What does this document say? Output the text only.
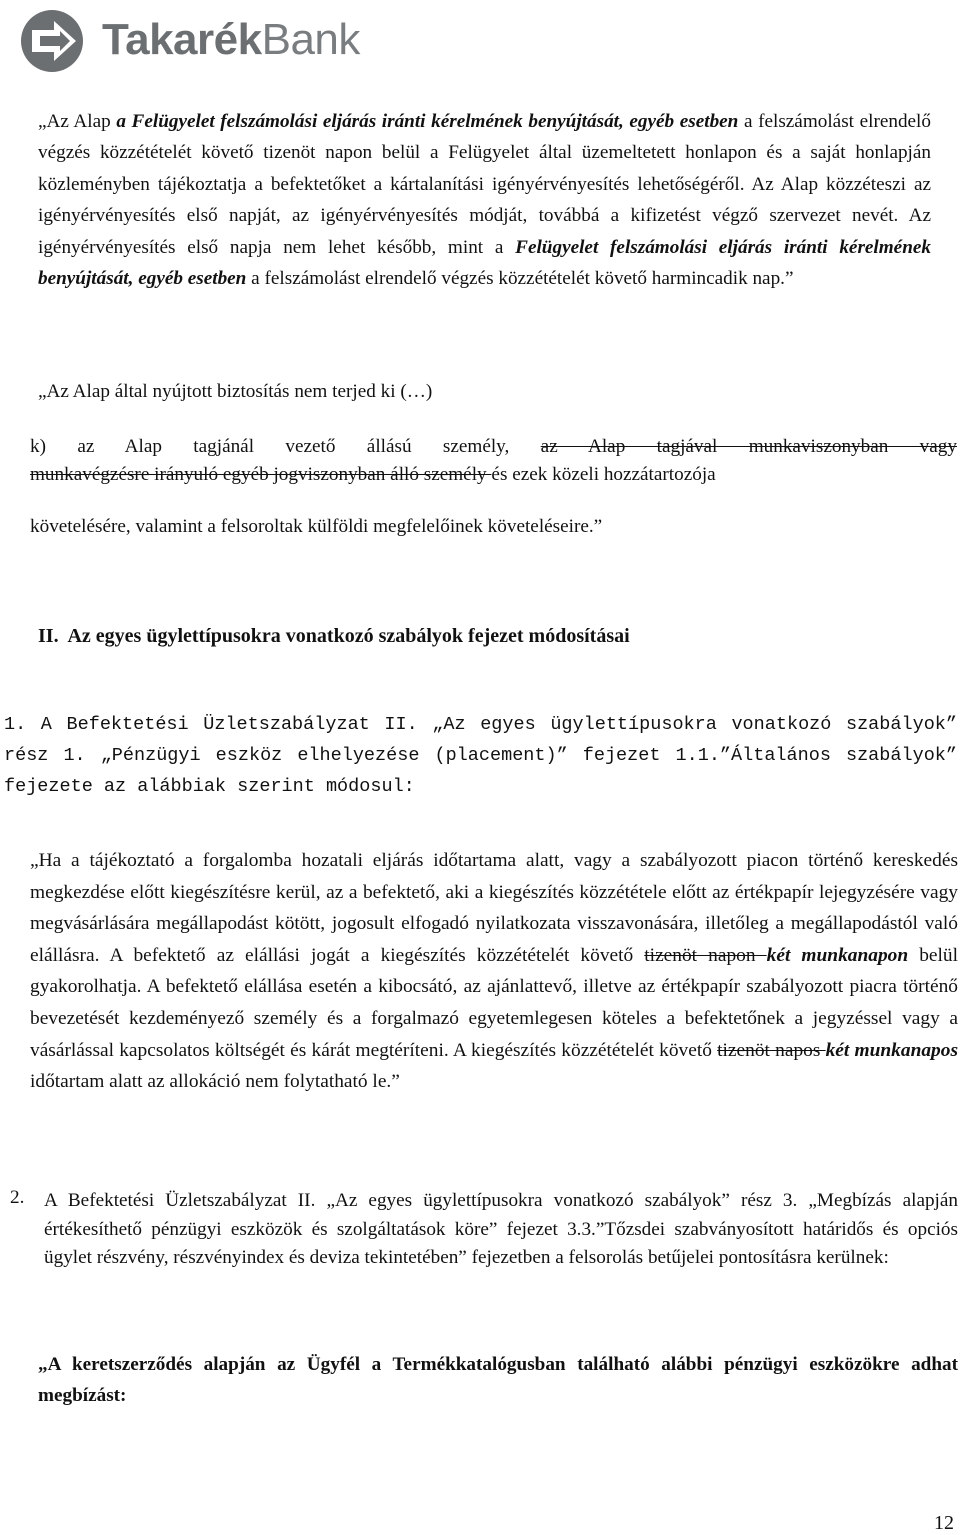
TakarékBank

„Az Alap a Felügyelet felszámolási eljárás iránti kérelmének benyújtását, egyéb esetben a felszámolást elrendelő végzés közzétételét követő tizenöt napon belül a Felügyelet által üzemeltetett honlapon és a saját honlapján közleményben tájékoztatja a befektetőket a kártalanítási igényérvényesítés lehetőségéről. Az Alap közzéteszi az igényérvényesítés első napját, az igényérvényesítés módját, továbbá a kifizetést végző szervezet nevét. Az igényérvényesítés első napja nem lehet később, mint a Felügyelet felszámolási eljárás iránti kérelmének benyújtását, egyéb esetben a felszámolást elrendelő végzés közzétételét követő harmincadik nap.”

„Az Alap által nyújtott biztosítás nem terjed ki (…)
k) az Alap tagjánál vezető állású személy, az Alap tagjával munkaviszonyban vagy
munkavégzésre irányuló egyéb jogviszonyban álló személy és ezek közeli hozzátartozója
követelésére, valamint a felsoroltak külföldi megfelelőinek követeléseire.”
II. Az egyes ügylettípusokra vonatkozó szabályok fejezet módosításai

1. A Befektetési Üzletszabályzat II. „Az egyes ügylettípusokra vonatkozó szabályok” rész 1. „Pénzügyi eszköz elhelyezése (placement)” fejezet 1.1.”Általános szabályok” fejezete az alábbiak szerint módosul:

„Ha a tájékoztató a forgalomba hozatali eljárás időtartama alatt, vagy a szabályozott piacon történő kereskedés megkezdése előtt kiegészítésre kerül, az a befektető, aki a kiegészítés közzététele előtt az értékpapír lejegyzésére vagy megvásárlására megállapodást kötött, jogosult elfogadó nyilatkozata visszavonására, illetőleg a megállapodástól való elállásra. A befektető az elállási jogát a kiegészítés közzétételét követő tizenöt napon két munkanapon belül gyakorolhatja. A befektető elállása esetén a kibocsátó, az ajánlattevő, illetve az értékpapír szabályozott piacra történő bevezetését kezdeményező személy és a forgalmazó egyetemlegesen köteles a befektetőnek a jegyzéssel vagy a vásárlással kapcsolatos költségét és kárát megtéríteni. A kiegészítés közzétételét követő tizenöt napos két munkanapos időtartam alatt az allokáció nem folytatható le.”

2. A Befektetési Üzletszabályzat II. „Az egyes ügylettípusokra vonatkozó szabályok” rész 3. „Megbízás alapján értékesíthető pénzügyi eszközök és szolgáltatások köre” fejezet 3.3.”Tőzsdei szabványosított határidős és opciós ügylet részvény, részvényindex és deviza tekintetében” fejezetben a felsorolás betűjelei pontosításra kerülnek:

„A keretszerződés alapján az Ügyfél a Termékkatalógusban található alábbi pénzügyi eszközökre adhat megbízást:

12
